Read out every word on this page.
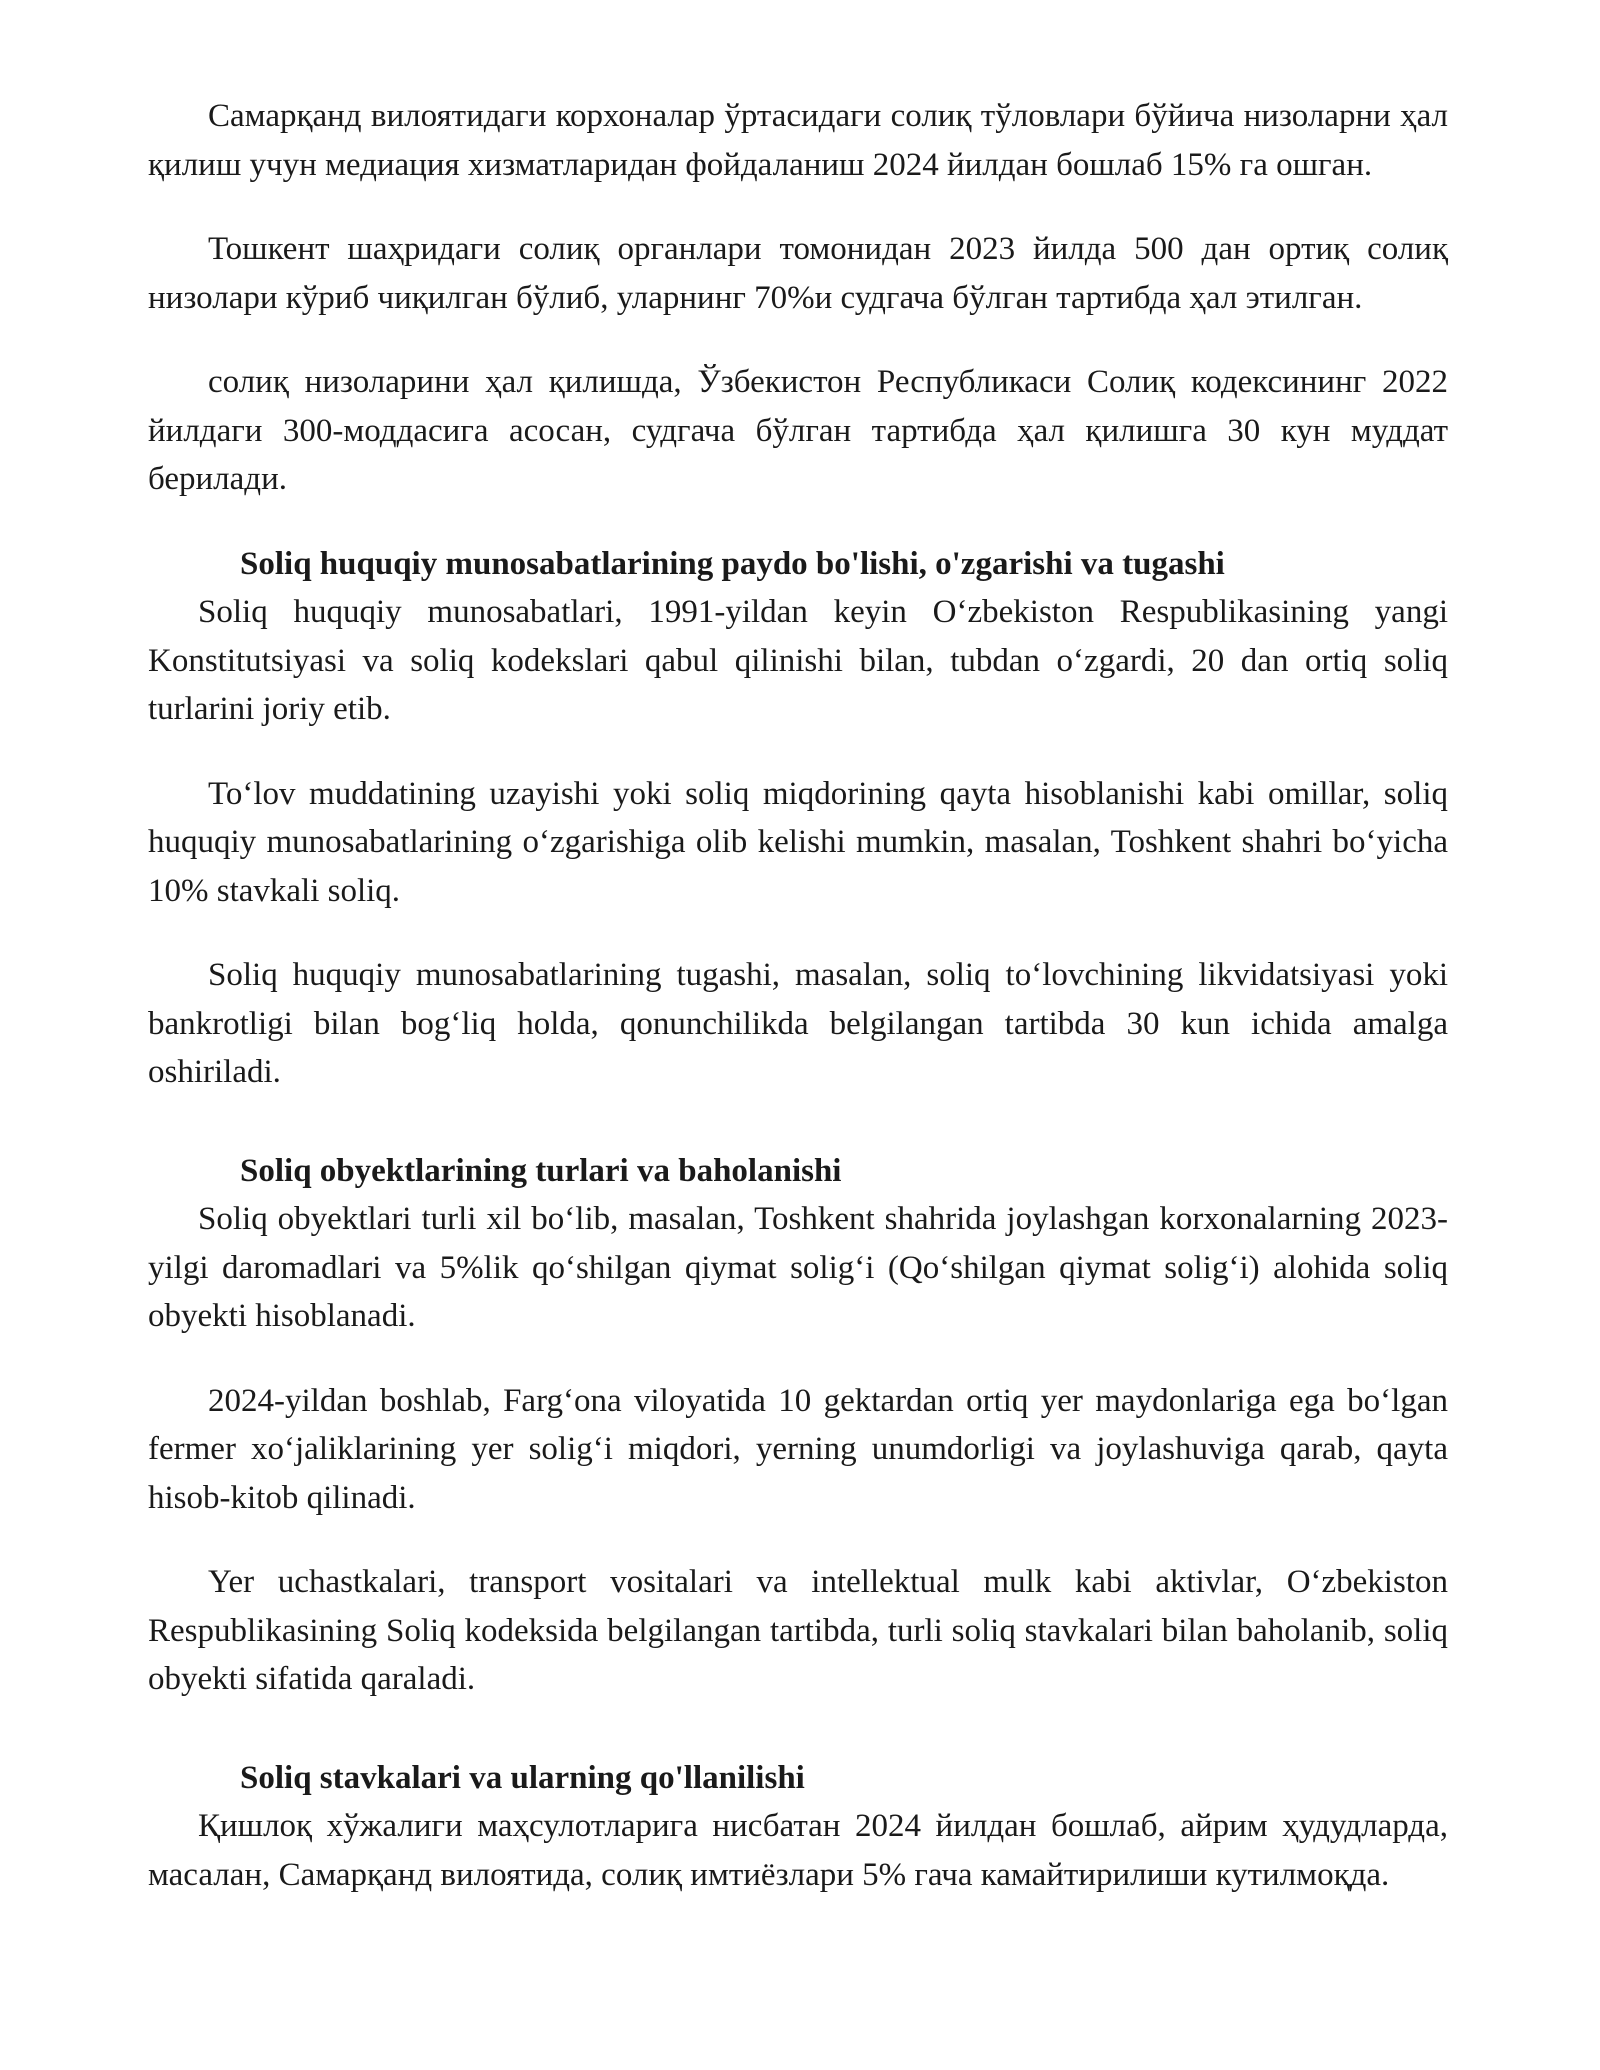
Самарқанд вилоятидаги корхоналар ўртасидаги солиқ тўловлари бўйича низоларни ҳал қилиш учун медиация хизматларидан фойдаланиш 2024 йилдан бошлаб 15% га ошган.

Тошкент шаҳридаги солиқ органлари томонидан 2023 йилда 500 дан ортиқ солиқ низолари кўриб чиқилган бўлиб, уларнинг 70%и судгача бўлган тартибда ҳал этилган.

солиқ низоларини ҳал қилишда, Ўзбекистон Республикаси Солиқ кодексининг 2022 йилдаги 300-моддасига асосан, судгача бўлган тартибда ҳал қилишга 30 кун муддат берилади.

Soliq huquqiy munosabatlarining paydo bo'lishi, o'zgarishi va tugashi

Soliq huquqiy munosabatlari, 1991-yildan keyin Oʻzbekiston Respublikasining yangi Konstitutsiyasi va soliq kodekslari qabul qilinishi bilan, tubdan oʻzgardi, 20 dan ortiq soliq turlarini joriy etib.

Toʻlov muddatining uzayishi yoki soliq miqdorining qayta hisoblanishi kabi omillar, soliq huquqiy munosabatlarining oʻzgarishiga olib kelishi mumkin, masalan, Toshkent shahri boʻyicha 10% stavkali soliq.

Soliq huquqiy munosabatlarining tugashi, masalan, soliq toʻlovchining likvidatsiyasi yoki bankrotligi bilan bogʻliq holda, qonunchilikda belgilangan tartibda 30 kun ichida amalga oshiriladi.

Soliq obyektlarining turlari va baholanishi

Soliq obyektlari turli xil boʻlib, masalan, Toshkent shahrida joylashgan korxonalarning 2023-yilgi daromadlari va 5%lik qoʻshilgan qiymat soligʻi (Qoʻshilgan qiymat soligʻi) alohida soliq obyekti hisoblanadi.

2024-yildan boshlab, Fargʻona viloyatida 10 gektardan ortiq yer maydonlariga ega boʻlgan fermer xoʻjaliklarining yer soligʻi miqdori, yerning unumdorligi va joylashuviga qarab, qayta hisob-kitob qilinadi.

Yer uchastkalari, transport vositalari va intellektual mulk kabi aktivlar, Oʻzbekiston Respublikasining Soliq kodeksida belgilangan tartibda, turli soliq stavkalari bilan baholanib, soliq obyekti sifatida qaraladi.

Soliq stavkalari va ularning qo'llanilishi

Қишлоқ хўжалиги маҳсулотларига нисбатан 2024 йилдан бошлаб, айрим ҳудудларда, масалан, Самарқанд вилоятида, солиқ имтиёзлари 5% гача камайтирилиши кутилмоқда.
